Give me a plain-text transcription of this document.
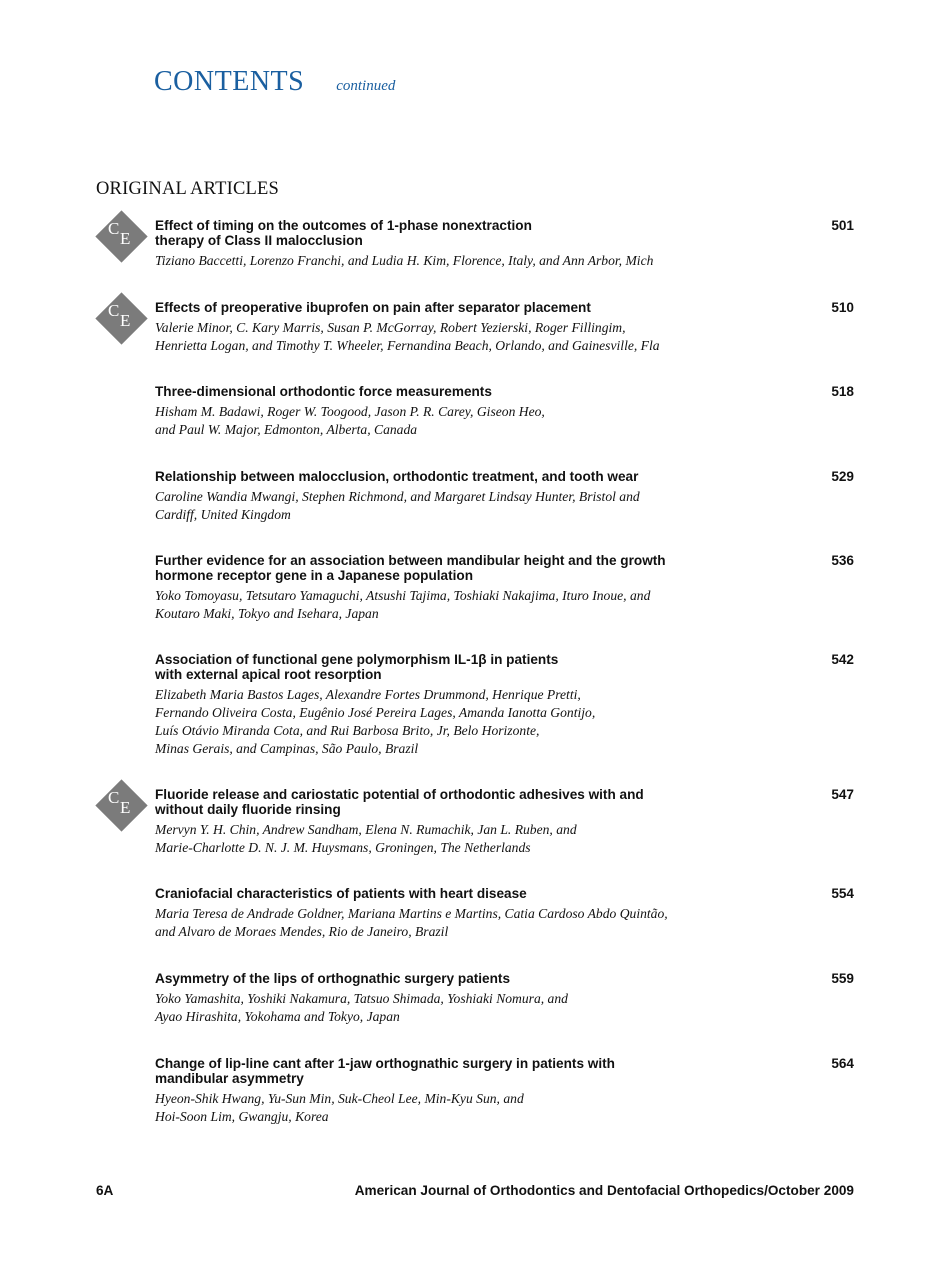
CONTENTS continued
ORIGINAL ARTICLES
C
E
Effect of timing on the outcomes of 1-phase nonextraction
therapy of Class II malocclusion
Tiziano Baccetti, Lorenzo Franchi, and Ludia H. Kim, Florence, Italy, and Ann Arbor, Mich
501
C
E
Effects of preoperative ibuprofen on pain after separator placement
Valerie Minor, C. Kary Marris, Susan P. McGorray, Robert Yezierski, Roger Fillingim,
Henrietta Logan, and Timothy T. Wheeler, Fernandina Beach, Orlando, and Gainesville, Fla
510
Three-dimensional orthodontic force measurements
Hisham M. Badawi, Roger W. Toogood, Jason P. R. Carey, Giseon Heo,
and Paul W. Major, Edmonton, Alberta, Canada
518
Relationship between malocclusion, orthodontic treatment, and tooth wear
Caroline Wandia Mwangi, Stephen Richmond, and Margaret Lindsay Hunter, Bristol and
Cardiff, United Kingdom
529
Further evidence for an association between mandibular height and the growth
hormone receptor gene in a Japanese population
Yoko Tomoyasu, Tetsutaro Yamaguchi, Atsushi Tajima, Toshiaki Nakajima, Ituro Inoue, and
Koutaro Maki, Tokyo and Isehara, Japan
536
Association of functional gene polymorphism IL-1β in patients
with external apical root resorption
Elizabeth Maria Bastos Lages, Alexandre Fortes Drummond, Henrique Pretti,
Fernando Oliveira Costa, Eugênio José Pereira Lages, Amanda Ianotta Gontijo,
Luís Otávio Miranda Cota, and Rui Barbosa Brito, Jr, Belo Horizonte,
Minas Gerais, and Campinas, São Paulo, Brazil
542
C
E
Fluoride release and cariostatic potential of orthodontic adhesives with and
without daily fluoride rinsing
Mervyn Y. H. Chin, Andrew Sandham, Elena N. Rumachik, Jan L. Ruben, and
Marie-Charlotte D. N. J. M. Huysmans, Groningen, The Netherlands
547
Craniofacial characteristics of patients with heart disease
Maria Teresa de Andrade Goldner, Mariana Martins e Martins, Catia Cardoso Abdo Quintão,
and Alvaro de Moraes Mendes, Rio de Janeiro, Brazil
554
Asymmetry of the lips of orthognathic surgery patients
Yoko Yamashita, Yoshiki Nakamura, Tatsuo Shimada, Yoshiaki Nomura, and
Ayao Hirashita, Yokohama and Tokyo, Japan
559
Change of lip-line cant after 1-jaw orthognathic surgery in patients with
mandibular asymmetry
Hyeon-Shik Hwang, Yu-Sun Min, Suk-Cheol Lee, Min-Kyu Sun, and
Hoi-Soon Lim, Gwangju, Korea
564
6A	American Journal of Orthodontics and Dentofacial Orthopedics/October 2009
